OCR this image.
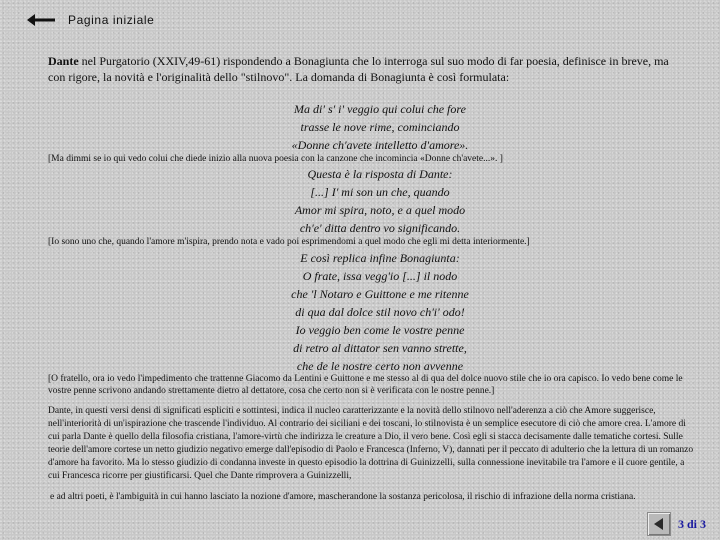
Pagina iniziale
Dante nel Purgatorio (XXIV,49-61) rispondendo a Bonagiunta che lo interroga sul suo modo di far poesia, definisce in breve, ma con rigore, la novità e l'originalità dello "stilnovo". La domanda di Bonagiunta è così formulata:
Ma di' s' i' veggio qui colui che fore
trasse le nove rime, cominciando
«Donne ch'avete intelletto d'amore».
[Ma dimmi se io qui vedo colui che diede inizio alla nuova poesia con la canzone che incomincia «Donne ch'avete...». ]
Questa è la risposta di Dante:
[...] I' mi son un che, quando
Amor mi spira, noto, e a quel modo
ch'e' ditta dentro vo significando.
[Io sono uno che, quando l'amore m'ispira, prendo nota e vado poi esprimendomi a quel modo che egli mi detta interiormente.]
E così replica infine Bonagiunta:
O frate, issa vegg'io [...] il nodo
che 'l Notaro e Guittone e me ritenne
di qua dal dolce stil novo ch'i' odo!
Io veggio ben come le vostre penne
di retro al dittator sen vanno strette,
che de le nostre certo non avvenne
[O fratello, ora io vedo l'impedimento che trattenne Giacomo da Lentini e Guittone e me stesso al di qua del dolce nuovo stile che io ora capisco. Io vedo bene come le vostre penne scrivono andando strettamente dietro al dettatore, cosa che certo non si è verificata con le nostre penne.]
Dante, in questi versi densi di significati espliciti e sottintesi, indica il nucleo caratterizzante e la novità dello stilnovo nell'aderenza a ciò che Amore suggerisce, nell'interiorità di un'ispirazione che trascende l'individuo. Al contrario dei siciliani e dei toscani, lo stilnovista è un semplice esecutore di ciò che amore crea. L'amore di cui parla Dante è quello della filosofia cristiana, l'amore-virtù che indirizza le creature a Dio, il vero bene. Così egli si stacca decisamente dalle tematiche cortesi. Sulle teorie dell'amore cortese un netto giudizio negativo emerge dall'episodio di Paolo e Francesca (Inferno, V), dannati per il peccato di adulterio che la lettura di un romanzo d'amore ha favorito. Ma lo stesso giudizio di condanna investe in questo episodio la dottrina di Guinizzelli, sulla connessione inevitabile tra l'amore e il cuore gentile, a cui Francesca ricorre per giustificarsi. Quel che Dante rimprovera a Guinizzelli,
e ad altri poeti, è l'ambiguità in cui hanno lasciato la nozione d'amore, mascherandone la sostanza pericolosa, il rischio di infrazione della norma cristiana.
3 di 3
